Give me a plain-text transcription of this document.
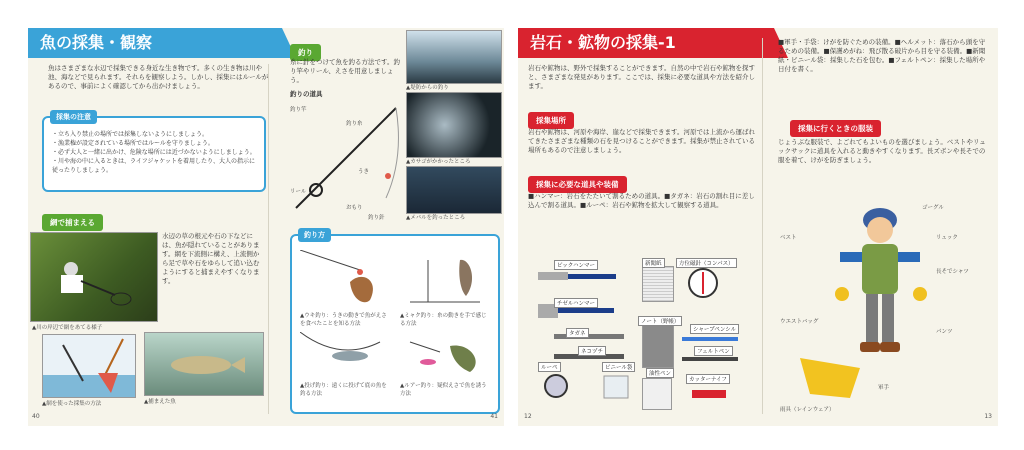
魚の採集・観察
魚はさまざまな水辺で採集できる身近な生き物です。多くの生き物は川や池、海などで見られます。それらを観察しよう。しかし、採集にはルールがあるので、事前によく確認してから出かけましょう。
採集の注意
・立ち入り禁止の場所では採集しないようにしましょう。
・漁業権が設定されている場所ではルールを守りましょう。
・必ず大人と一緒に出かけ、危険な場所には近づかないようにしましょう。
・川や海の中に入るときは、ライフジャケットを着用したり、大人の指示に従ったりしましょう。
網で捕まえる
水辺の草の根元や石の下などには、魚が隠れていることがあります。網を下流側に構え、上流側から足で草や石をゆらして追い込むようにすると捕まえやすくなります。
▲川の岸辺で網をあてる様子
▲網を使った採集の方法	▲捕まえた魚
40
釣り
糸に針をつけて魚を釣る方法です。釣り竿やリール、えさを用意しましょう。
釣りの道具
釣り竿
リール
釣り糸
うき
おもり
釣り針
▲堤防からの釣り
▲カサゴがかかったところ
▲メバルを釣ったところ
釣り方
▲ウキ釣り：うきの動きで魚がえさを食べたことを知る方法
▲ミャク釣り：糸の動きを手で感じる方法
▲投げ釣り：遠くに投げて底の魚を釣る方法
▲ルアー釣り：疑似えさで魚を誘う方法
41
岩石・鉱物の採集-1
岩石や鉱物は、野外で採集することができます。自然の中で岩石や鉱物を探すと、さまざまな発見があります。ここでは、採集に必要な道具や方法を紹介します。
採集場所
岩石や鉱物は、河原や海岸、崖などで採集できます。河原では上流から運ばれてきたさまざまな種類の石を見つけることができます。採集が禁止されている場所もあるので注意しましょう。
採集に必要な道具や装備
■ハンマー：岩石をたたいて割るための道具。■タガネ：岩石の割れ目に差し込んで割る道具。■ルーペ：岩石や鉱物を拡大して観察する道具。
ピックハンマー
チゼルハンマー
タガネ
ネコヅチ
ルーペ	ビニール袋
新聞紙	方位磁針（コンパス）
ノート（野帳）
シャープペンシル
フェルトペン
油性ペン
カッターナイフ
12
■軍手・手袋：けがを防ぐための装備。■ヘルメット：落石から頭を守るための装備。■保護めがね：飛び散る破片から目を守る装備。■新聞紙・ビニール袋：採集した石を包む。■フェルトペン：採集した場所や日付を書く。
採集に行くときの服装
じょうぶな服装で、よごれてもよいものを選びましょう。ベストやリュックサックに道具を入れると動きやすくなります。長ズボンや長そでの服を着て、けがを防ぎましょう。
ゴーグル
ベスト	リュック
長そでシャツ
ウエストバッグ
パンツ
軍手
雨具（レインウェア）
13
